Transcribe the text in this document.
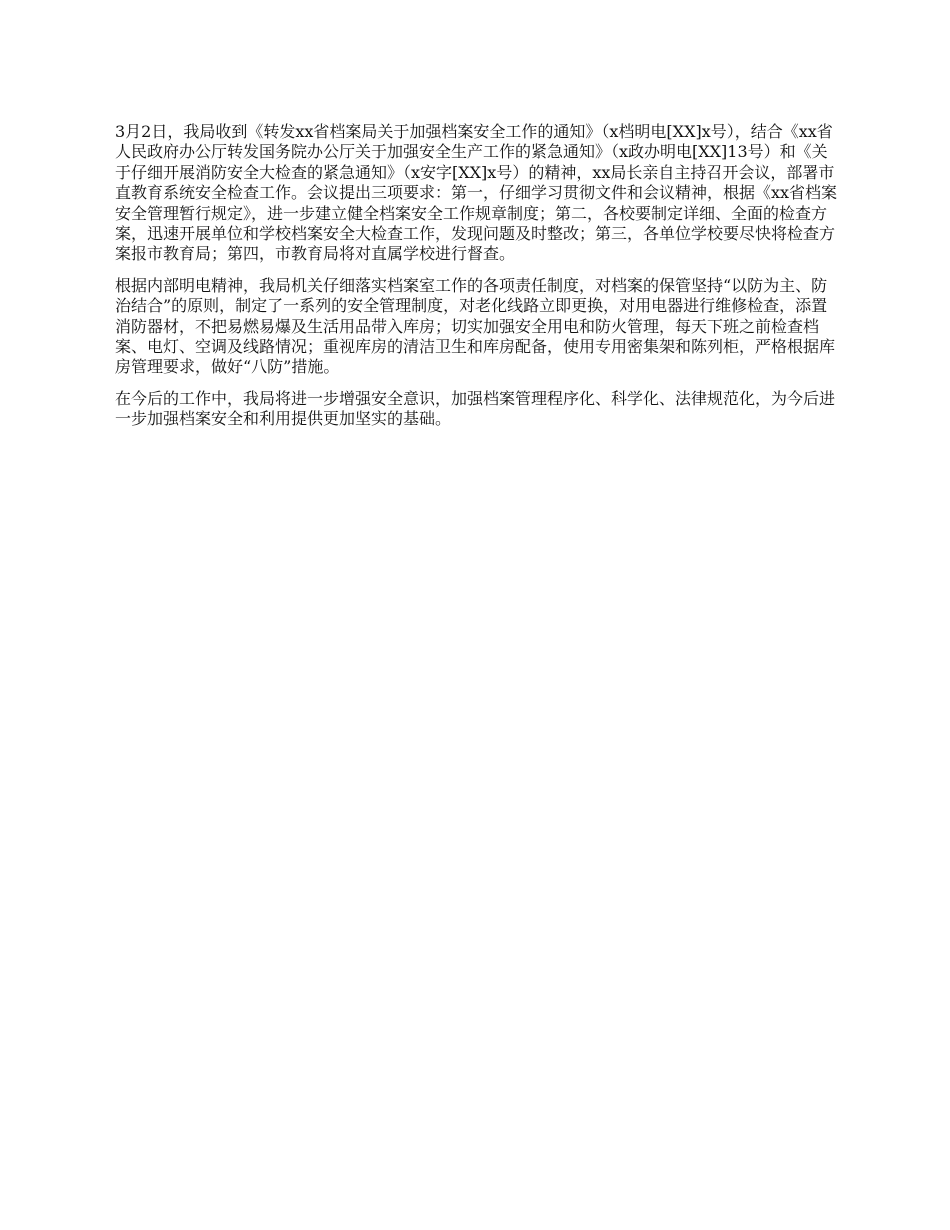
3月2日，我局收到《转发xx省档案局关于加强档案安全工作的通知》（x档明电[XX]x号），结合《xx省人民政府办公厅转发国务院办公厅关于加强安全生产工作的紧急通知》（x政办明电[XX]13号）和《关于仔细开展消防安全大检查的紧急通知》（x安字[XX]x号）的精神，xx局长亲自主持召开会议，部署市直教育系统安全检查工作。会议提出三项要求：第一，仔细学习贯彻文件和会议精神，根据《xx省档案安全管理暂行规定》，进一步建立健全档案安全工作规章制度；第二，各校要制定详细、全面的检查方案，迅速开展单位和学校档案安全大检查工作，发现问题及时整改；第三，各单位学校要尽快将检查方案报市教育局；第四，市教育局将对直属学校进行督查。

根据内部明电精神，我局机关仔细落实档案室工作的各项责任制度，对档案的保管坚持“以防为主、防治结合”的原则，制定了一系列的安全管理制度，对老化线路立即更换，对用电器进行维修检查，添置消防器材，不把易燃易爆及生活用品带入库房；切实加强安全用电和防火管理，每天下班之前检查档案、电灯、空调及线路情况；重视库房的清洁卫生和库房配备，使用专用密集架和陈列柜，严格根据库房管理要求，做好“八防”措施。

在今后的工作中，我局将进一步增强安全意识，加强档案管理程序化、科学化、法律规范化，为今后进一步加强档案安全和利用提供更加坚实的基础。
